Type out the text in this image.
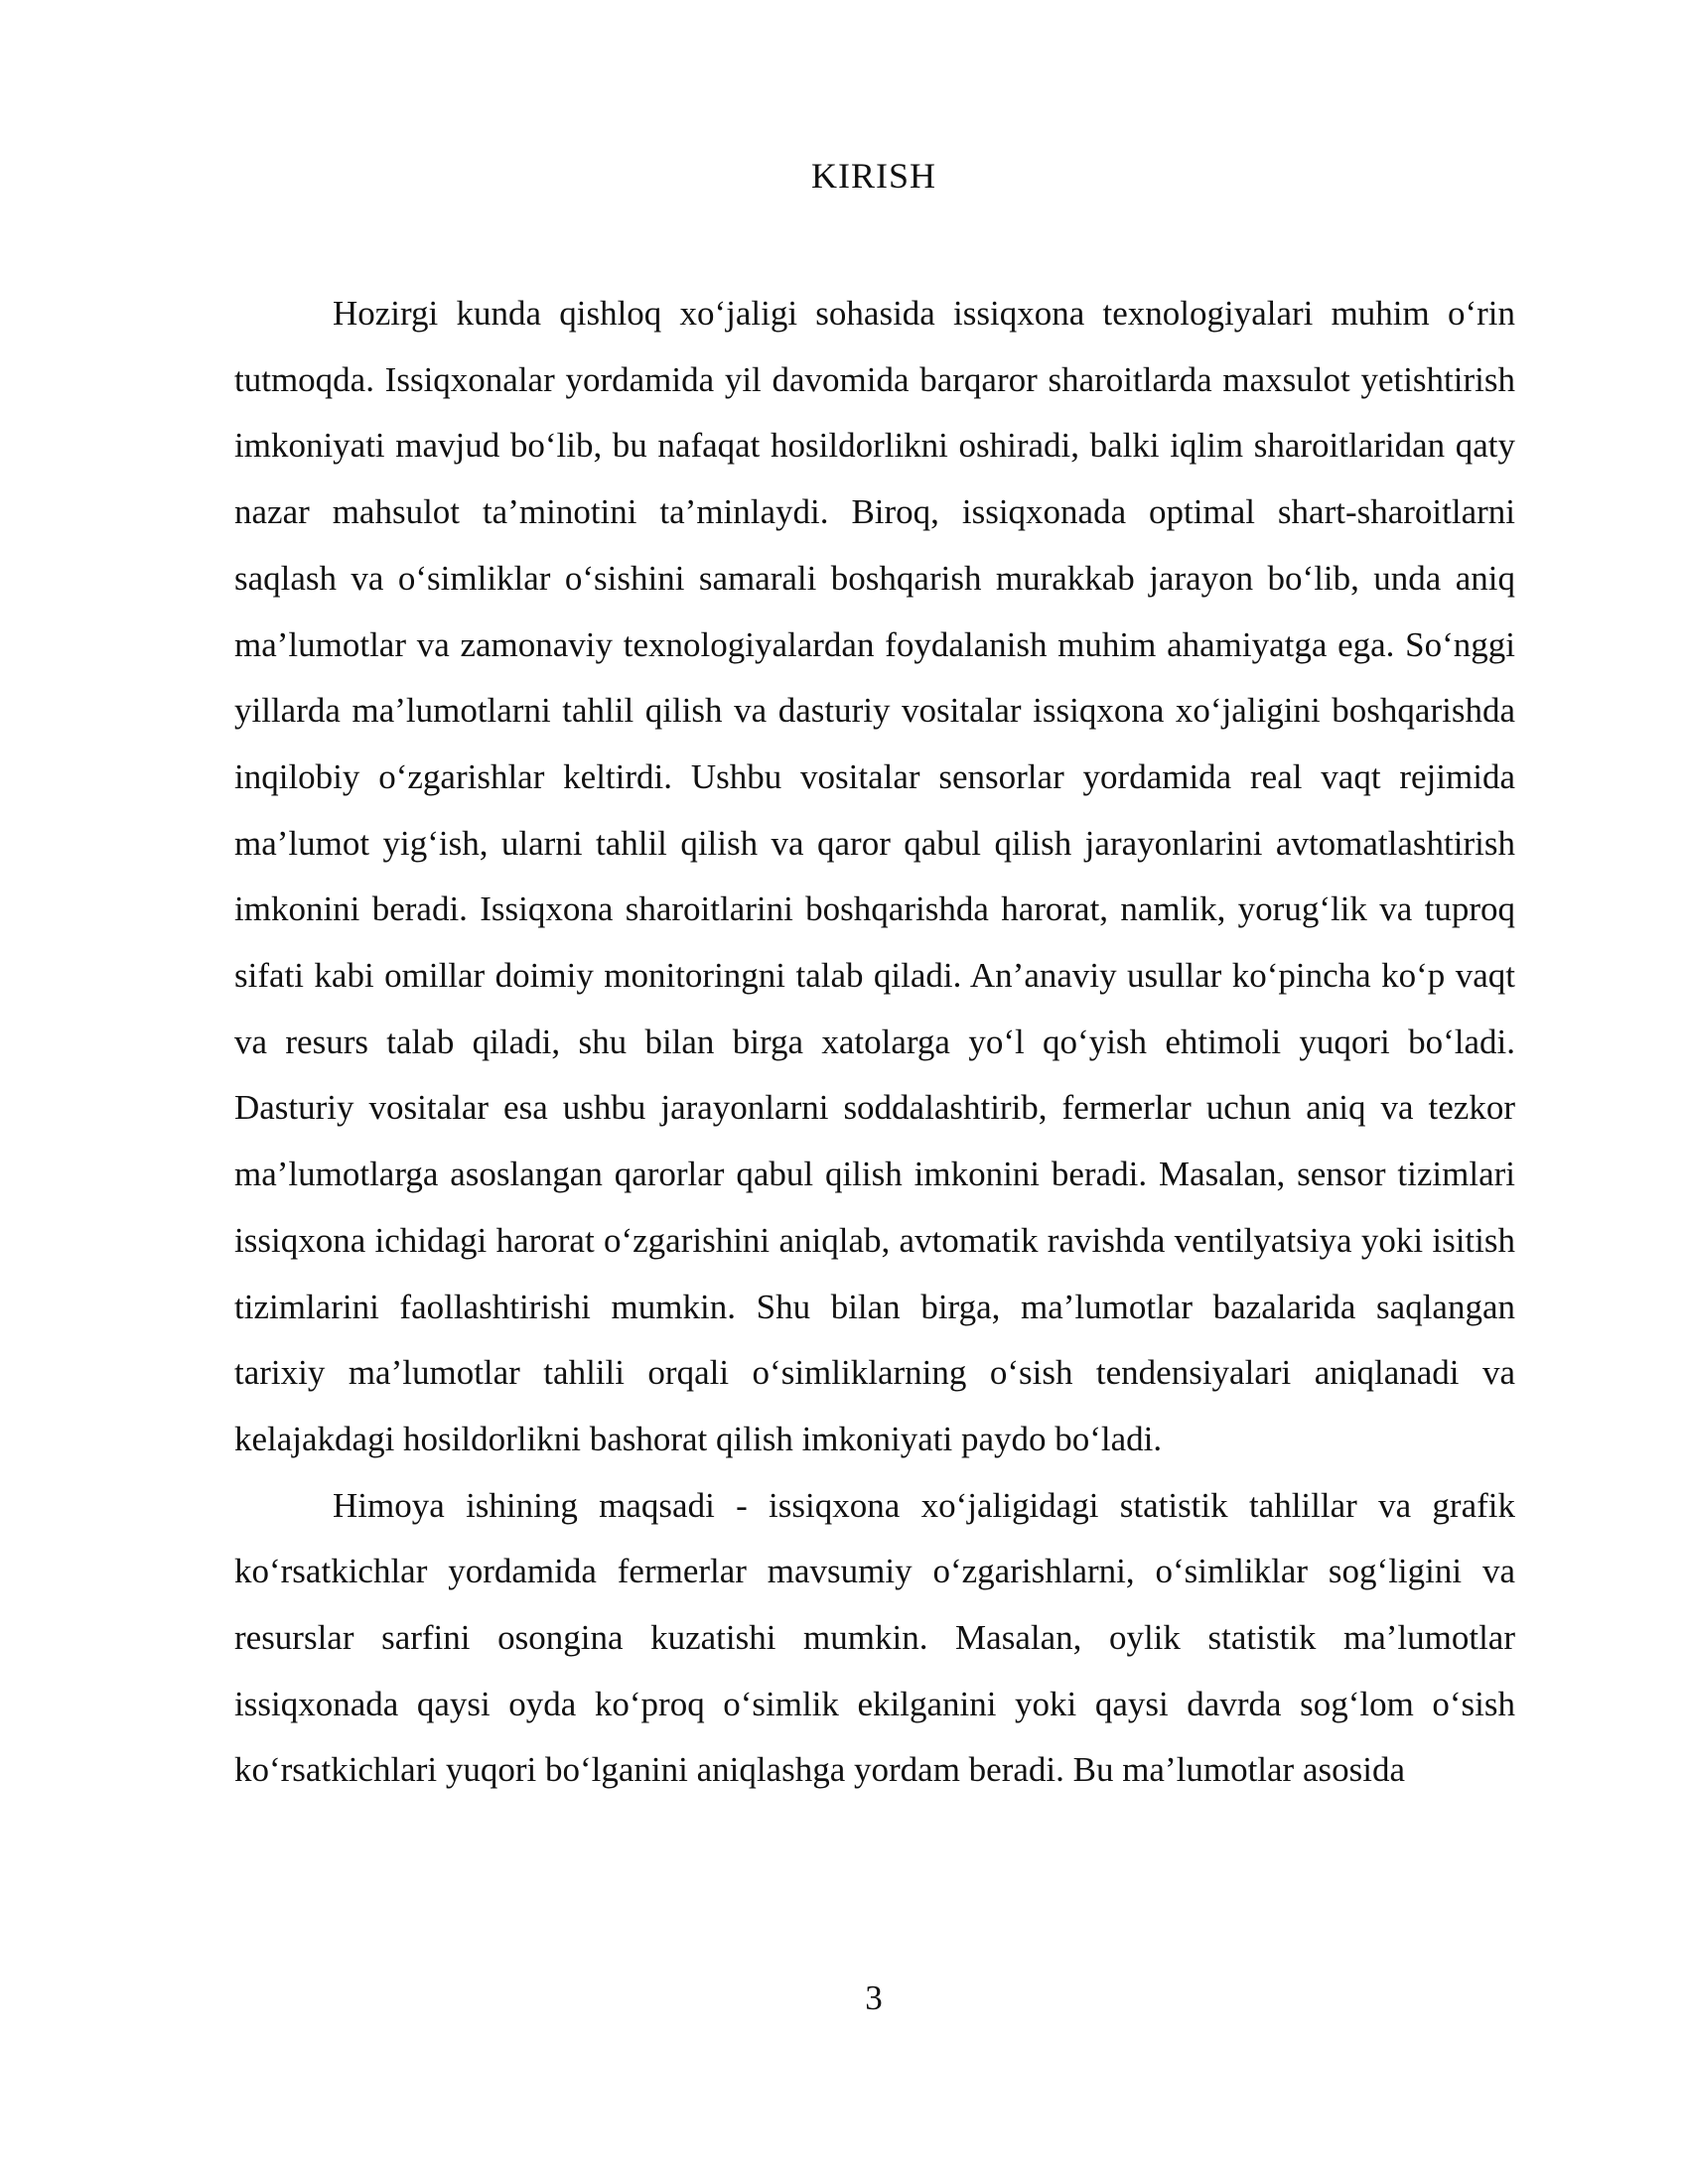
KIRISH

Hozirgi kunda qishloq xo‘jaligi sohasida issiqxona texnologiyalari muhim o‘rin tutmoqda. Issiqxonalar yordamida yil davomida barqaror sharoitlarda maxsulot yetishtirish imkoniyati mavjud bo‘lib, bu nafaqat hosildorlikni oshiradi, balki iqlim sharoitlaridan qaty nazar mahsulot ta’minotini ta’minlaydi. Biroq, issiqxonada optimal shart-sharoitlarni saqlash va o‘simliklar o‘sishini samarali boshqarish murakkab jarayon bo‘lib, unda aniq ma’lumotlar va zamonaviy texnologiyalardan foydalanish muhim ahamiyatga ega. So‘nggi yillarda ma’lumotlarni tahlil qilish va dasturiy vositalar issiqxona xo‘jaligini boshqarishda inqilobiy o‘zgarishlar keltirdi. Ushbu vositalar sensorlar yordamida real vaqt rejimida ma’lumot yig‘ish, ularni tahlil qilish va qaror qabul qilish jarayonlarini avtomatlashtirish imkonini beradi. Issiqxona sharoitlarini boshqarishda harorat, namlik, yorug‘lik va tuproq sifati kabi omillar doimiy monitoringni talab qiladi. An’anaviy usullar ko‘pincha ko‘p vaqt va resurs talab qiladi, shu bilan birga xatolarga yo‘l qo‘yish ehtimoli yuqori bo‘ladi. Dasturiy vositalar esa ushbu jarayonlarni soddalashtirib, fermerlar uchun aniq va tezkor ma’lumotlarga asoslangan qarorlar qabul qilish imkonini beradi. Masalan, sensor tizimlari issiqxona ichidagi harorat o‘zgarishini aniqlab, avtomatik ravishda ventilyatsiya yoki isitish tizimlarini faollashtirishi mumkin. Shu bilan birga, ma’lumotlar bazalarida saqlangan tarixiy ma’lumotlar tahlili orqali o‘simliklarning o‘sish tendensiyalari aniqlanadi va kelajakdagi hosildorlikni bashorat qilish imkoniyati paydo bo‘ladi.

Himoya ishining maqsadi - issiqxona xo‘jaligidagi statistik tahlillar va grafik ko‘rsatkichlar yordamida fermerlar mavsumiy o‘zgarishlarni, o‘simliklar sog‘ligini va resurslar sarfini osongina kuzatishi mumkin. Masalan, oylik statistik ma’lumotlar issiqxonada qaysi oyda ko‘proq o‘simlik ekilganini yoki qaysi davrda sog‘lom o‘sish ko‘rsatkichlari yuqori bo‘lganini aniqlashga yordam beradi. Bu ma’lumotlar asosida

3
